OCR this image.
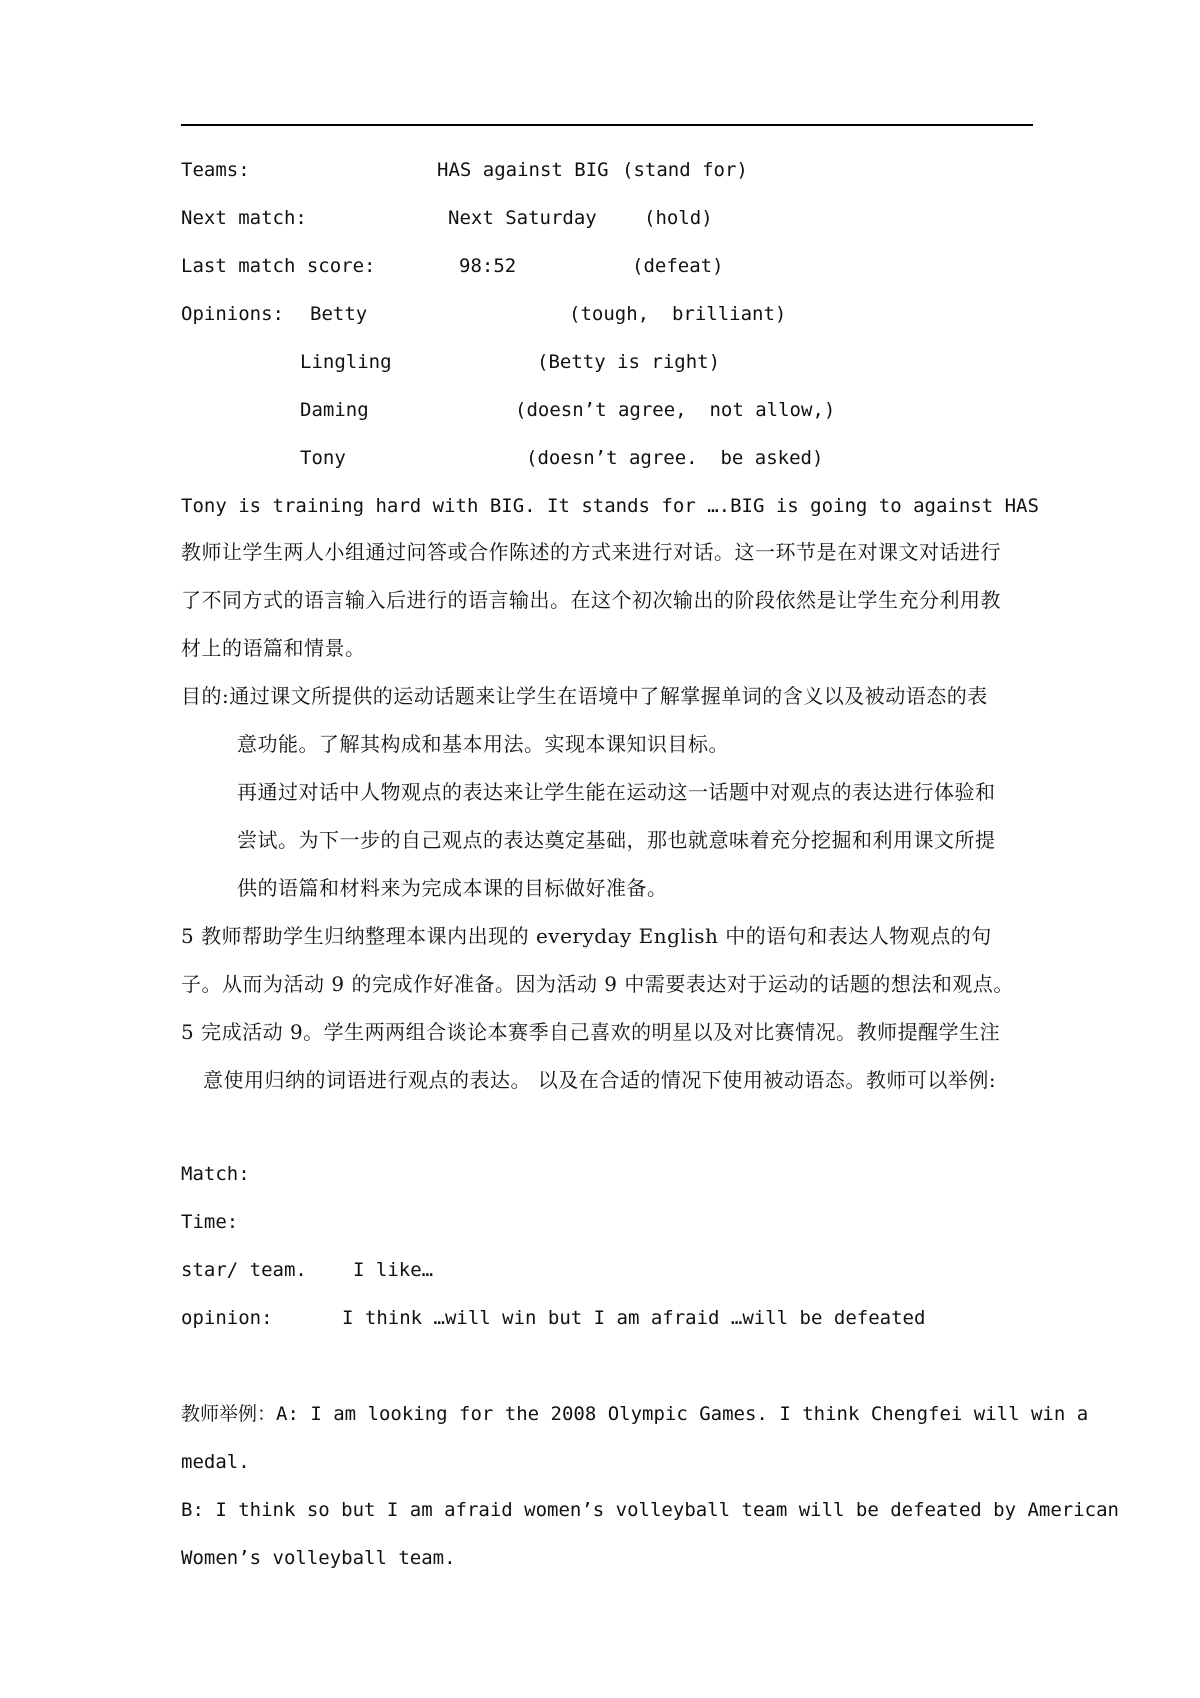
Teams:	HAS against BIG (stand for)
Next match:	Next Saturday (hold)
Last match score:	98:52	(defeat)
Opinions: Betty	(tough,  brilliant)
Lingling	(Betty is right)
Daming	(doesn’t agree,  not allow,)
Tony	(doesn’t agree.  be asked)
Tony is training hard with BIG. It stands for ….BIG is going to against HAS
教师让学生两人小组通过问答或合作陈述的方式来进行对话。这一环节是在对课文对话进行
了不同方式的语言输入后进行的语言输出。在这个初次输出的阶段依然是让学生充分利用教
材上的语篇和情景。
目的:通过课文所提供的运动话题来让学生在语境中了解掌握单词的含义以及被动语态的表
意功能。了解其构成和基本用法。实现本课知识目标。
再通过对话中人物观点的表达来让学生能在运动这一话题中对观点的表达进行体验和
尝试。为下一步的自己观点的表达奠定基础，那也就意味着充分挖掘和利用课文所提
供的语篇和材料来为完成本课的目标做好准备。
5 教师帮助学生归纳整理本课内出现的 everyday English 中的语句和表达人物观点的句
子。从而为活动 9 的完成作好准备。因为活动 9 中需要表达对于运动的话题的想法和观点。
5 完成活动 9。学生两两组合谈论本赛季自己喜欢的明星以及对比赛情况。教师提醒学生注
意使用归纳的词语进行观点的表达。 以及在合适的情况下使用被动语态。教师可以举例:
Match:
Time:
star/ team. I like…
opinion:	I think …will win but I am afraid …will be defeated
教师举例：A: I am looking for the 2008 Olympic Games. I think Chengfei will win a
medal.
B: I think so but I am afraid women’s volleyball team will be defeated by American
Women’s volleyball team.
